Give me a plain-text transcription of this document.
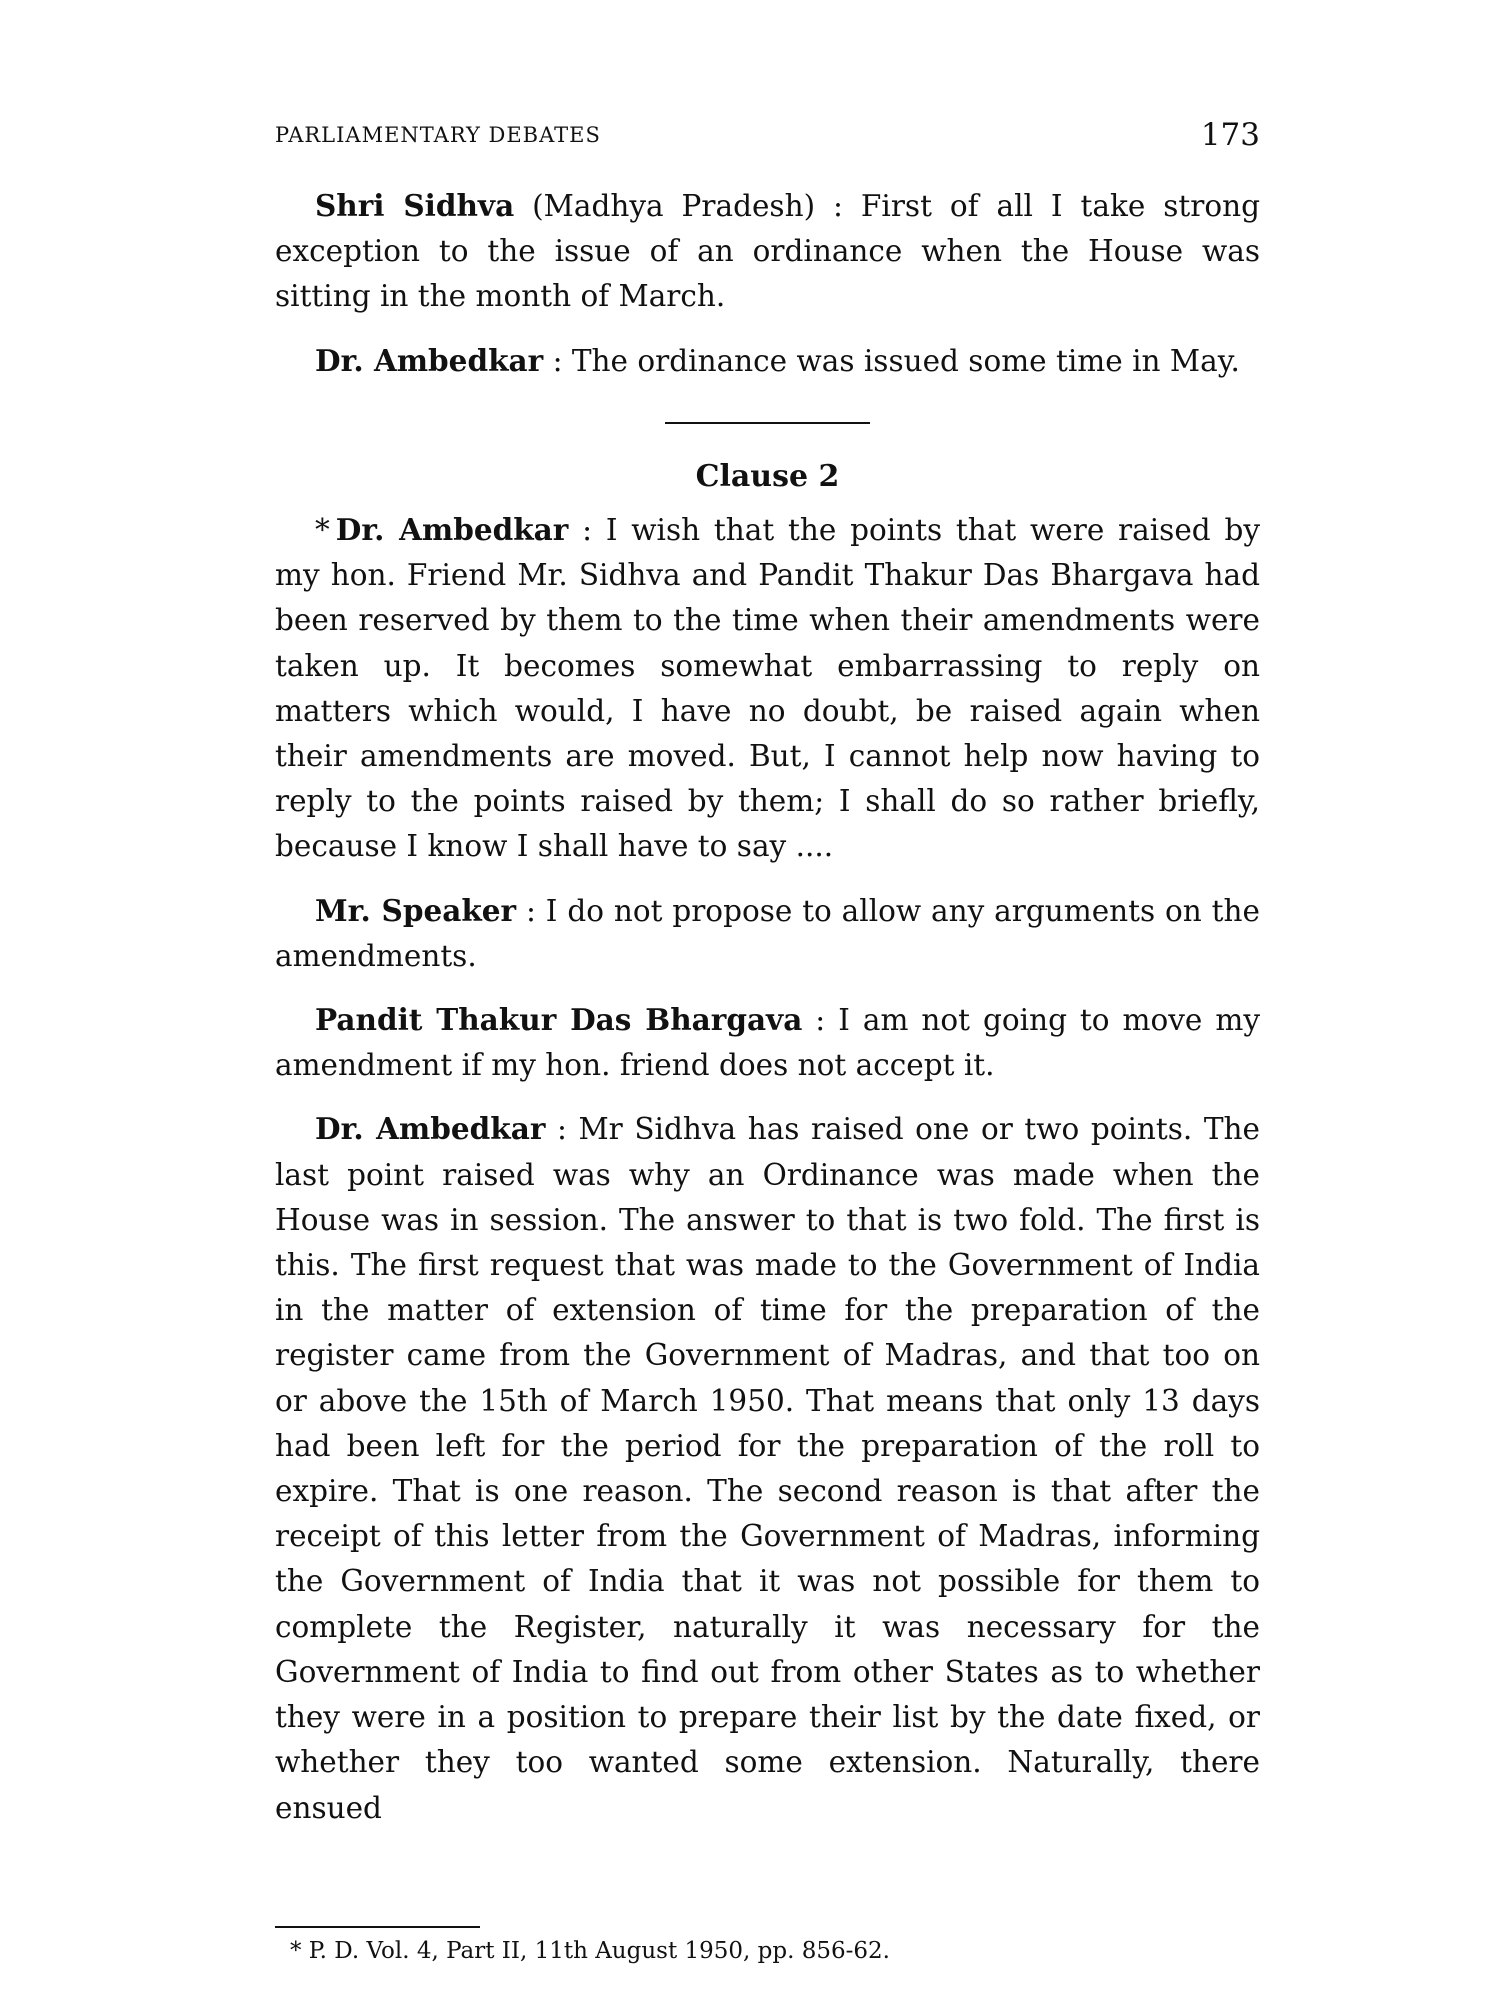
PARLIAMENTARY DEBATES	173

Shri Sidhva (Madhya Pradesh) : First of all I take strong exception to the issue of an ordinance when the House was sitting in the month of March.

Dr. Ambedkar : The ordinance was issued some time in May.

Clause 2

* Dr. Ambedkar : I wish that the points that were raised by my hon. Friend Mr. Sidhva and Pandit Thakur Das Bhargava had been reserved by them to the time when their amendments were taken up. It becomes somewhat embarrassing to reply on matters which would, I have no doubt, be raised again when their amendments are moved. But, I cannot help now having to reply to the points raised by them; I shall do so rather briefly, because I know I shall have to say ....

Mr. Speaker : I do not propose to allow any arguments on the amendments.

Pandit Thakur Das Bhargava : I am not going to move my amendment if my hon. friend does not accept it.

Dr. Ambedkar : Mr Sidhva has raised one or two points. The last point raised was why an Ordinance was made when the House was in session. The answer to that is two fold. The first is this. The first request that was made to the Government of India in the matter of extension of time for the preparation of the register came from the Government of Madras, and that too on or above the 15th of March 1950. That means that only 13 days had been left for the period for the preparation of the roll to expire. That is one reason. The second reason is that after the receipt of this letter from the Government of Madras, informing the Government of India that it was not possible for them to complete the Register, naturally it was necessary for the Government of India to find out from other States as to whether they were in a position to prepare their list by the date fixed, or whether they too wanted some extension. Naturally, there ensued

* P. D. Vol. 4, Part II, 11th August 1950, pp. 856-62.
